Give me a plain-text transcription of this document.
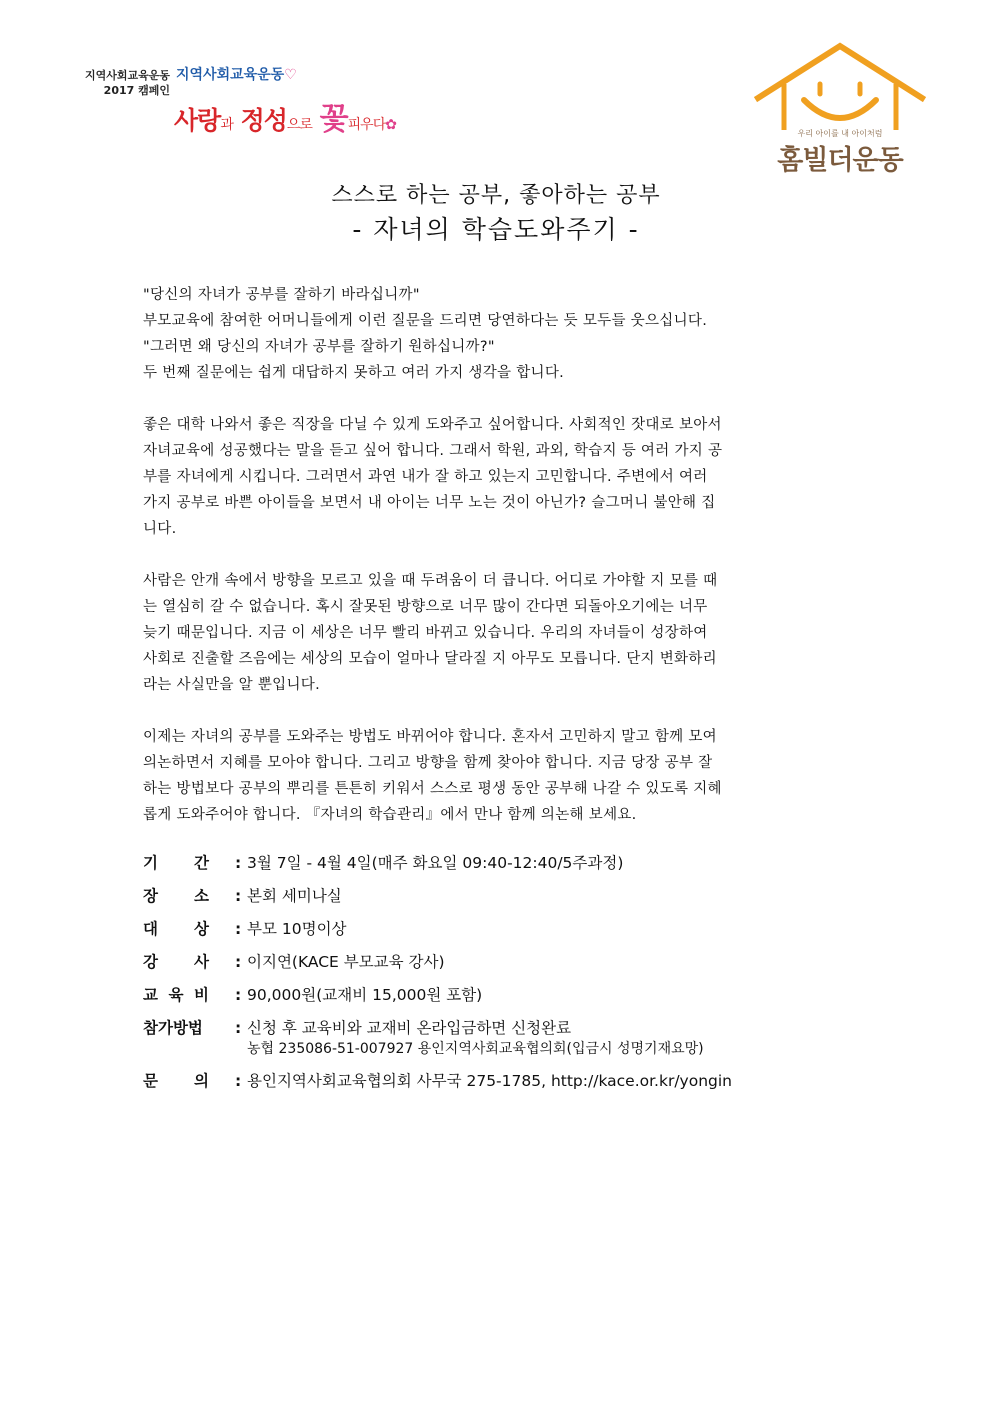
지역사회교육운동
2017 캠페인
지역사회교육운동♡
사랑과 정성으로 꽃피우다✿
우리 아이를 내 아이처럼
홈빌더운동
스스로 하는 공부, 좋아하는 공부
- 자녀의 학습도와주기 -

"당신의 자녀가 공부를 잘하기 바라십니까"

부모교육에 참여한 어머니들에게 이런 질문을 드리면 당연하다는 듯 모두들 웃으십니다.

"그러면 왜 당신의 자녀가 공부를 잘하기 원하십니까?"

두 번째 질문에는 쉽게 대답하지 못하고 여러 가지 생각을 합니다.

좋은 대학 나와서 좋은 직장을 다닐 수 있게 도와주고 싶어합니다. 사회적인 잣대로 보아서

자녀교육에 성공했다는 말을 듣고 싶어 합니다. 그래서 학원, 과외, 학습지 등 여러 가지 공

부를 자녀에게 시킵니다. 그러면서 과연 내가 잘 하고 있는지 고민합니다. 주변에서 여러

가지 공부로 바쁜 아이들을 보면서 내 아이는 너무 노는 것이 아닌가? 슬그머니 불안해 집

니다.

사람은 안개 속에서 방향을 모르고 있을 때 두려움이 더 큽니다. 어디로 가야할 지 모를 때

는 열심히 갈 수 없습니다. 혹시 잘못된 방향으로 너무 많이 간다면 되돌아오기에는 너무

늦기 때문입니다. 지금 이 세상은 너무 빨리 바뀌고 있습니다. 우리의 자녀들이 성장하여

사회로 진출할 즈음에는 세상의 모습이 얼마나 달라질 지 아무도 모릅니다. 단지 변화하리

라는 사실만을 알 뿐입니다.

이제는 자녀의 공부를 도와주는 방법도 바뀌어야 합니다. 혼자서 고민하지 말고 함께 모여

의논하면서 지혜를 모아야 합니다. 그리고 방향을 함께 찾아야 합니다. 지금 당장 공부 잘

하는 방법보다 공부의 뿌리를 튼튼히 키워서 스스로 평생 동안 공부해 나갈 수 있도록 지혜

롭게 도와주어야 합니다. 『자녀의 학습관리』에서 만나 함께 의논해 보세요.

기 간 : 3월 7일 - 4월 4일(매주 화요일 09:40-12:40/5주과정)
장 소 : 본회 세미나실
대 상 : 부모 10명이상
강 사 : 이지연(KACE 부모교육 강사)
교 육 비 : 90,000원(교재비 15,000원 포함)
참가방법	: 신청 후 교육비와 교재비 온라입금하면 신청완료
농협 235086-51-007927 용인지역사회교육협의회(입금시 성명기재요망)
문 의 : 용인지역사회교육협의회 사무국 275-1785, http://kace.or.kr/yongin
